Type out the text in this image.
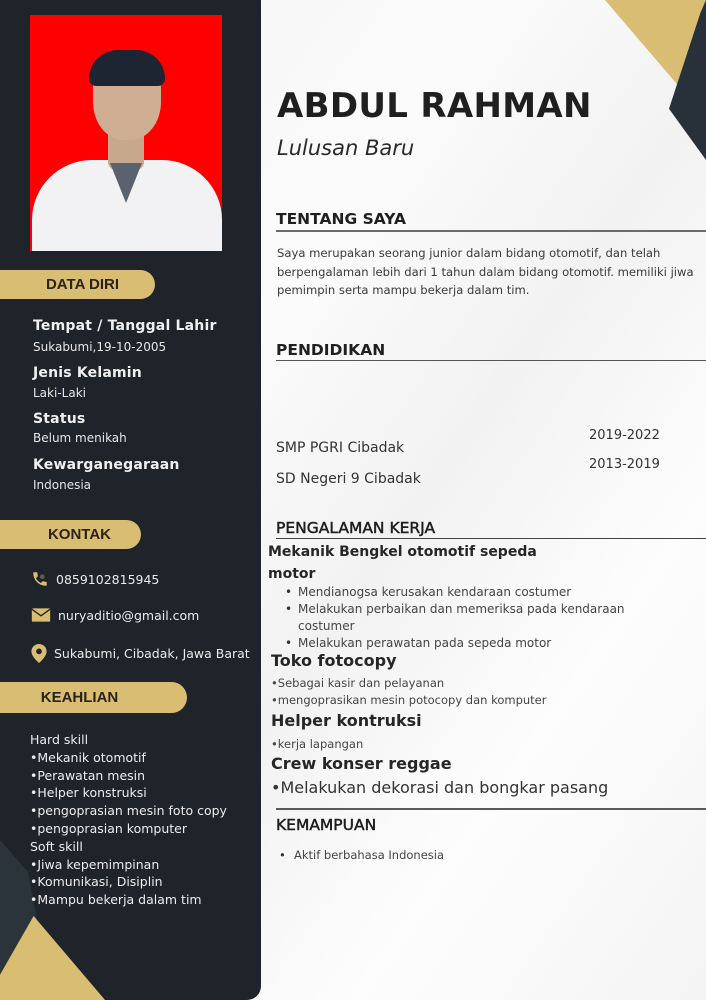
DATA DIRI
Tempat / Tanggal Lahir
Sukabumi,19-10-2005
Jenis Kelamin
Laki-Laki
Status
Belum menikah
Kewarganegaraan
Indonesia
KONTAK
0859102815945
nuryaditio@gmail.com
Sukabumi, Cibadak, Jawa Barat
KEAHLIAN
Hard skill
•Mekanik otomotif
•Perawatan mesin
•Helper konstruksi
•pengoprasian mesin foto copy
•pengoprasian komputer
Soft skill
•Jiwa kepemimpinan
•Komunikasi, Disiplin
•Mampu bekerja dalam tim
ABDUL RAHMAN
Lulusan Baru
TENTANG SAYA
Saya merupakan seorang junior dalam bidang otomotif, dan telah berpengalaman lebih dari 1 tahun dalam bidang otomotif. memiliki jiwa pemimpin serta mampu bekerja dalam tim.
PENDIDIKAN
SMP PGRI Cibadak
2019-2022
SD Negeri 9 Cibadak
2013-2019
PENGALAMAN KERJA
Mekanik Bengkel otomotif sepeda
motor
• Mendianogsa kerusakan kendaraan costumer
• Melakukan perbaikan dan memeriksa pada kendaraan costumer
• Melakukan perawatan pada sepeda motor
Toko fotocopy
•Sebagai kasir dan pelayanan
•mengoprasikan mesin potocopy dan komputer
Helper kontruksi
•kerja lapangan
Crew konser reggae
•Melakukan dekorasi dan bongkar pasang
KEMAMPUAN
• Aktif berbahasa Indonesia
